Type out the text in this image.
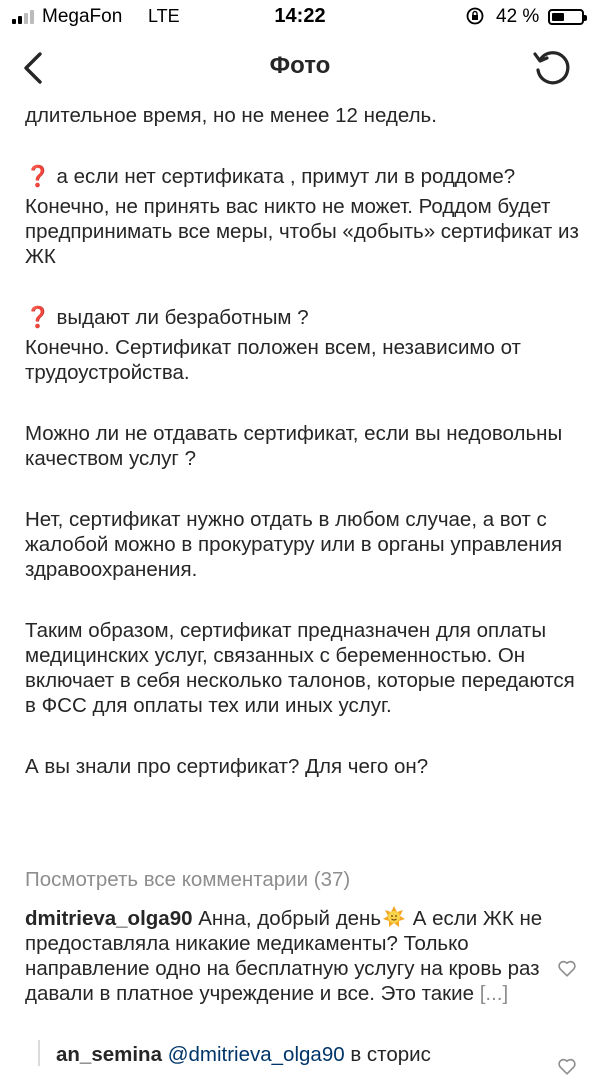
MegaFon LTE	14:22	42 %
Фото

длительное время, но не менее 12 недель.

❓ а если нет сертификата , примут ли в роддоме?

Конечно, не принять вас никто не может. Роддом будет предпринимать все меры, чтобы «добыть» сертификат из ЖК

❓ выдают ли безработным ?

Конечно. Сертификат положен всем, независимо от трудоустройства.

Можно ли не отдавать сертификат, если вы недовольны качеством услуг ?

Нет, сертификат нужно отдать в любом случае, а вот с жалобой можно в прокуратуру или в органы управления здравоохранения.

Таким образом, сертификат предназначен для оплаты медицинских услуг, связанных с беременностью. Он включает в себя несколько талонов, которые передаются в ФСС для оплаты тех или иных услуг.

А вы знали про сертификат? Для чего он?

Посмотреть все комментарии (37)
dmitrieva_olga90 Анна, добрый день А если ЖК не предоставляла никакие медикаменты? Только направление одно на бесплатную услугу на кровь раз давали в платное учреждение и все. Это такие [...]
an_semina @dmitrieva_olga90 в сторис
